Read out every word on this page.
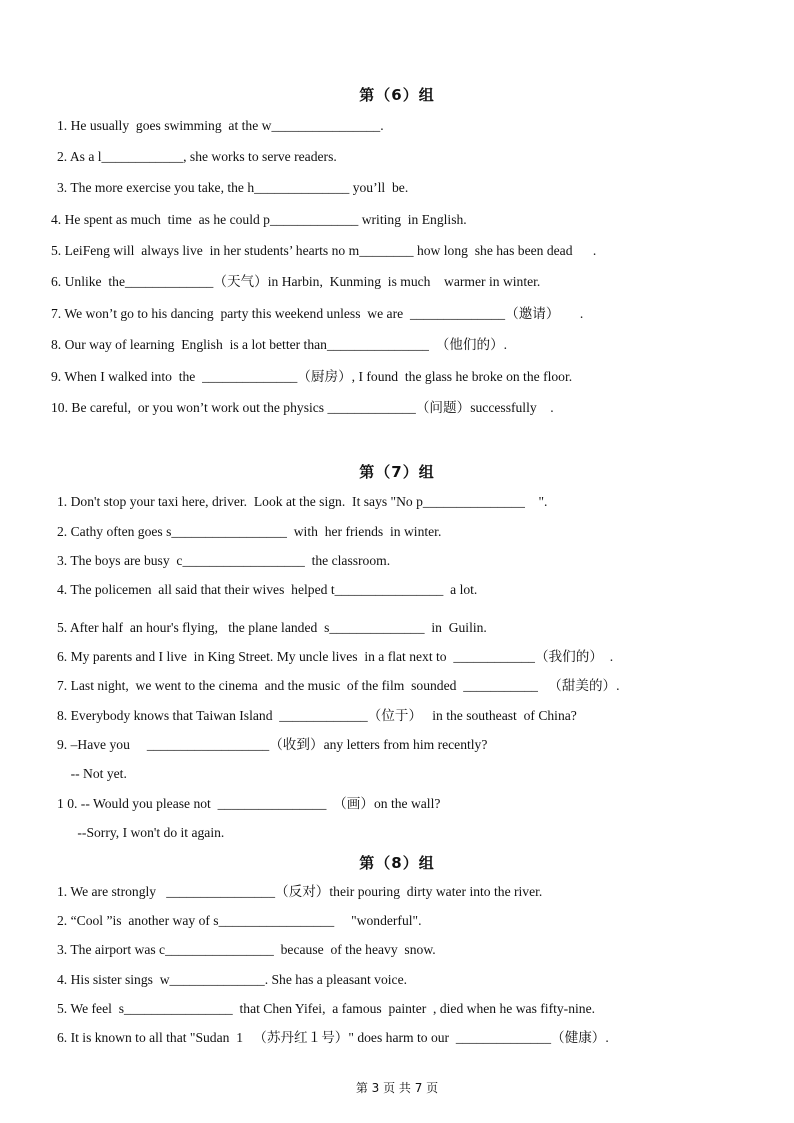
第（6）组
1. He usually  goes swimming  at the w________________.
2. As a l____________, she works to serve readers.
3. The more exercise you take, the h______________ you’ll  be.
4. He spent as much  time  as he could p_____________ writing  in English.
5. LeiFeng will  always live  in her students’ hearts no m________ how long  she has been dead      .
6. Unlike  the_____________（天气）in Harbin,  Kunming  is much    warmer in winter.
7. We won’t go to his dancing  party this weekend unless  we are  ______________（邀请）      .
8. Our way of learning  English  is a lot better than_______________  （他们的）.
9. When I walked into  the  ______________（厨房）, I found  the glass he broke on the floor.
10. Be careful,  or you won’t work out the physics _____________（问题）successfully    .
第（7）组
1. Don't stop your taxi here, driver.  Look at the sign.  It says "No p_______________    ".
2. Cathy often goes s_________________  with  her friends  in winter.
3. The boys are busy  c__________________  the classroom.
4. The policemen  all said that their wives  helped t________________  a lot.
5. After half  an hour's flying,   the plane landed  s______________  in  Guilin.
6. My parents and I live  in King Street. My uncle lives  in a flat next to  ____________（我们的）  .
7. Last night,  we went to the cinema  and the music  of the film  sounded  ___________   （甜美的）.
8. Everybody knows that Taiwan Island  _____________（位于）   in the southeast  of China?
9. –Have you     __________________（收到）any letters from him recently?
-- Not yet.
1 0. -- Would you please not  ________________  （画）on the wall?
--Sorry, I won't do it again.
第（8）组
1. We are strongly   ________________（反对）their pouring  dirty water into the river.
2. “Cool ”is  another way of s_________________     "wonderful".
3. The airport was c________________  because  of the heavy  snow.
4. His sister sings  w______________. She has a pleasant voice.
5. We feel  s________________  that Chen Yifei,  a famous  painter  , died when he was fifty-nine.
6. It is known to all that "Sudan  1   （苏丹红１号）" does harm to our  ______________（健康）.
第 3 页 共 7 页
